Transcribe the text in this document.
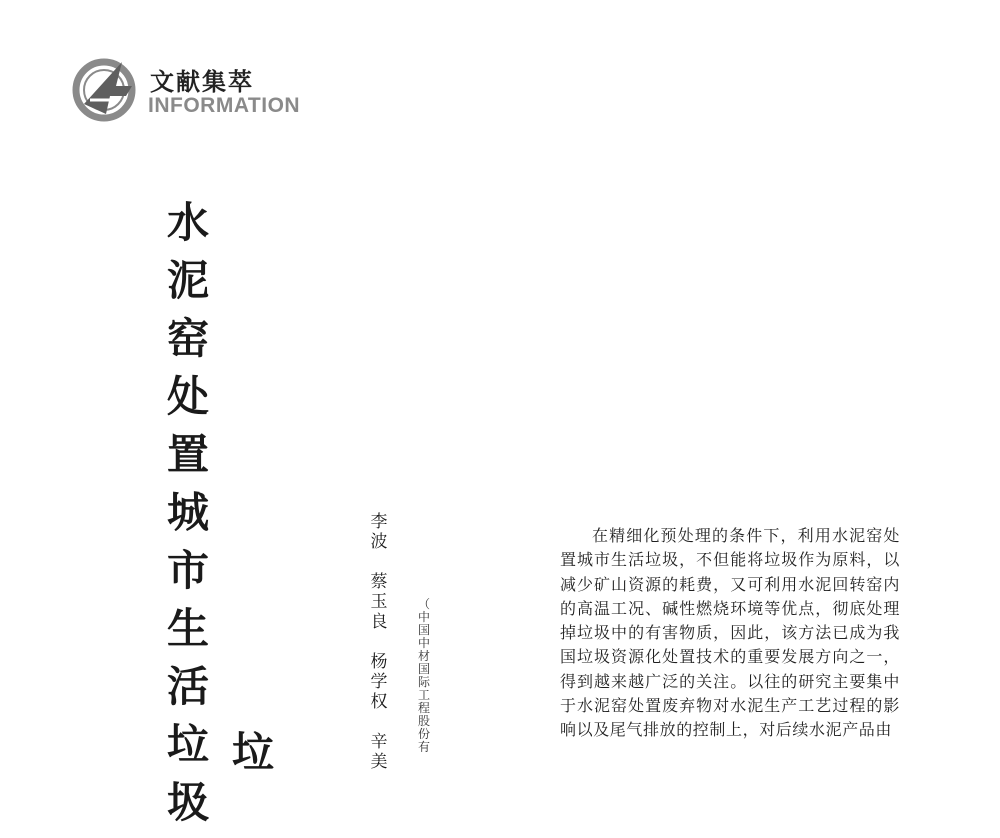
文献集萃
INFORMATION
水
泥
窑
处
置
城
市
生
活
垃
圾
垃
李
波
蔡
玉
良
杨
学
权
辛
美
（
中
国
中
材
国
际
工
程
股
份
有

在精细化预处理的条件下，利用水泥窑处置城市生活垃圾，不但能将垃圾作为原料，以减少矿山资源的耗费，又可利用水泥回转窑内的高温工况、碱性燃烧环境等优点，彻底处理掉垃圾中的有害物质，因此，该方法已成为我国垃圾资源化处置技术的重要发展方向之一，得到越来越广泛的关注。以往的研究主要集中于水泥窑处置废弃物对水泥生产工艺过程的影响以及尾气排放的控制上，对后续水泥产品由
